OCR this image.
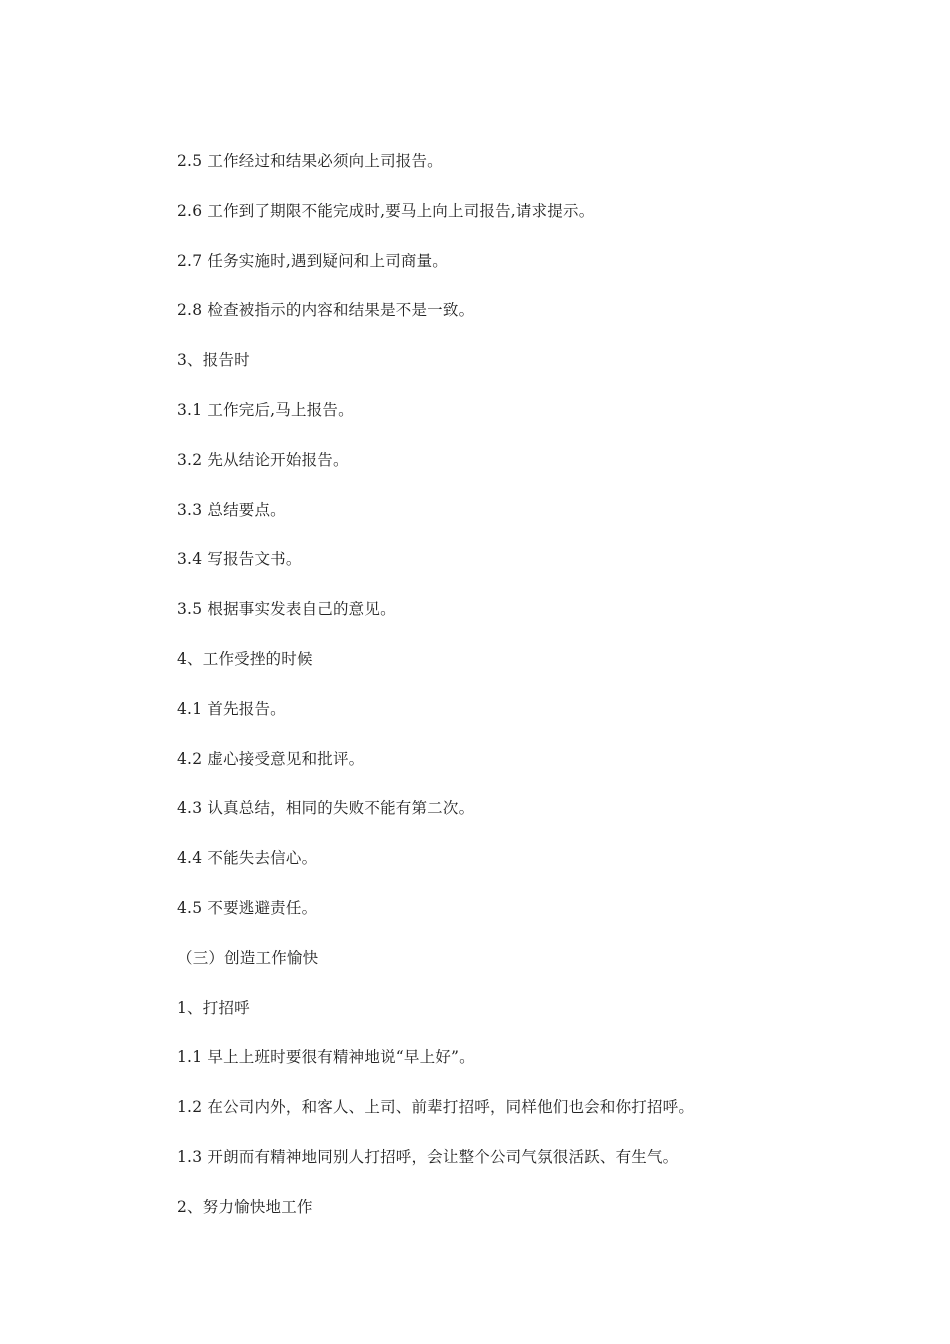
2.5 工作经过和结果必须向上司报告。
2.6 工作到了期限不能完成时,要马上向上司报告,请求提示。
2.7 任务实施时,遇到疑问和上司商量。
2.8 检查被指示的内容和结果是不是一致。
3、报告时
3.1 工作完后,马上报告。
3.2 先从结论开始报告。
3.3 总结要点。
3.4 写报告文书。
3.5 根据事实发表自己的意见。
4、工作受挫的时候
4.1 首先报告。
4.2 虚心接受意见和批评。
4.3 认真总结，相同的失败不能有第二次。
4.4 不能失去信心。
4.5 不要逃避责任。
（三）创造工作愉快
1、打招呼
1.1 早上上班时要很有精神地说“早上好”。
1.2 在公司内外，和客人、上司、前辈打招呼，同样他们也会和你打招呼。
1.3 开朗而有精神地同别人打招呼，会让整个公司气氛很活跃、有生气。
2、努力愉快地工作
